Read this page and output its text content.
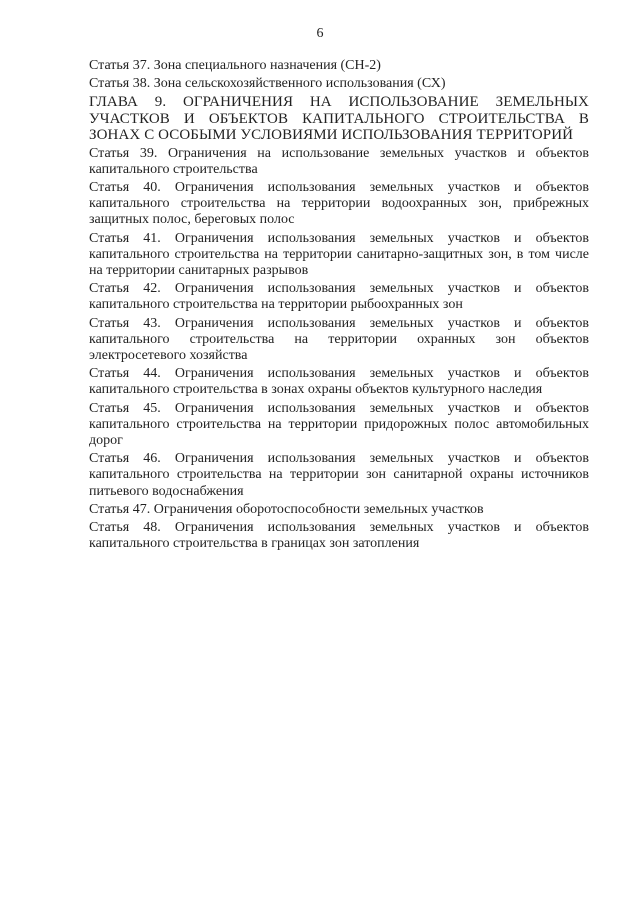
6

Статья 37. Зона специального назначения (СН-2)

Статья 38. Зона сельскохозяйственного использования (СХ)

ГЛАВА 9. ОГРАНИЧЕНИЯ НА ИСПОЛЬЗОВАНИЕ ЗЕМЕЛЬНЫХ УЧАСТКОВ И ОБЪЕКТОВ КАПИТАЛЬНОГО СТРОИТЕЛЬСТВА В ЗОНАХ С ОСОБЫМИ УСЛОВИЯМИ ИСПОЛЬЗОВАНИЯ ТЕРРИТОРИЙ

Статья 39. Ограничения на использование земельных участков и объектов капитального строительства

Статья 40. Ограничения использования земельных участков и объектов капитального строительства на территории водоохранных зон, прибрежных защитных полос, береговых полос

Статья 41. Ограничения использования земельных участков и объектов капитального строительства на территории санитарно-защитных зон, в том числе на территории санитарных разрывов

Статья 42. Ограничения использования земельных участков и объектов капитального строительства на территории рыбоохранных зон

Статья 43. Ограничения использования земельных участков и объектов капитального строительства на территории охранных зон объектов электросетевого хозяйства

Статья 44. Ограничения использования земельных участков и объектов капитального строительства в зонах охраны объектов культурного наследия

Статья 45. Ограничения использования земельных участков и объектов капитального строительства на территории придорожных полос автомобильных дорог

Статья 46. Ограничения использования земельных участков и объектов капитального строительства на территории зон санитарной охраны источников питьевого водоснабжения

Статья 47. Ограничения оборотоспособности земельных участков

Статья 48. Ограничения использования земельных участков и объектов капитального строительства в границах зон затопления
